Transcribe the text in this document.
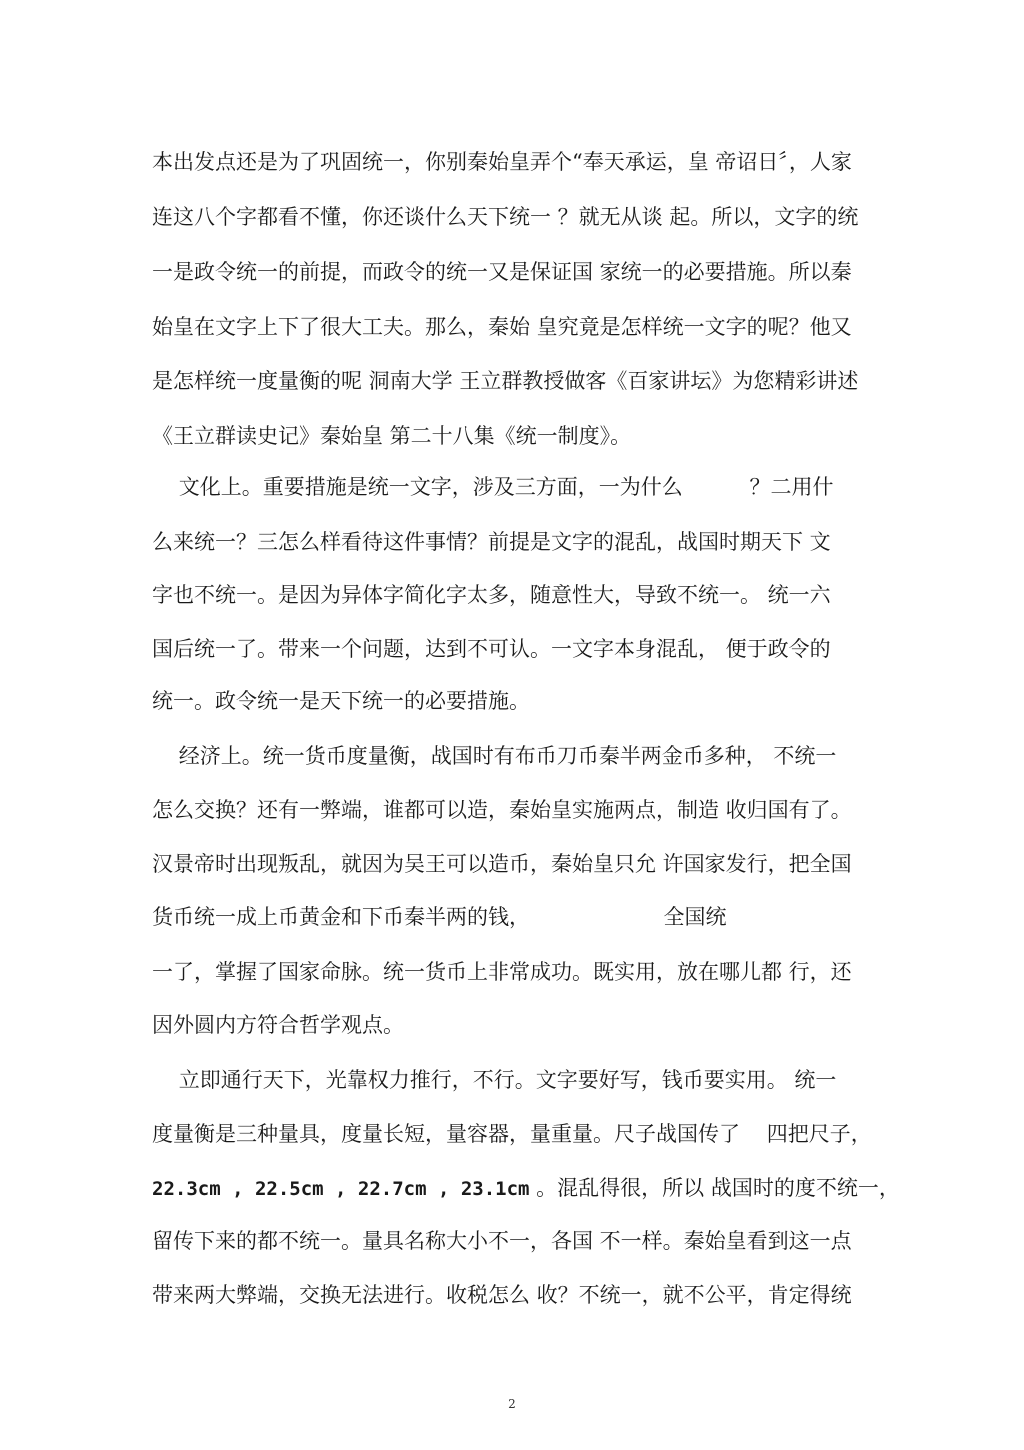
本出发点还是为了巩固统一，你别秦始皇弄个“奉天承运，皇 帝诏日〞，人家
连这八个字都看不懂，你还谈什么天下统一 ？就无从谈 起。所以，文字的统
一是政令统一的前提，而政令的统一又是保证国 家统一的必要措施。所以秦
始皇在文字上下了很大工夫。那么，秦始 皇究竟是怎样统一文字的呢？他又
是怎样统一度量衡的呢 洞南大学 王立群教授做客《百家讲坛》为您精彩讲述
《王立群读史记》秦始皇 第二十八集《统一制度》。
文化上。重要措施是统一文字，涉及三方面，一为什么          ？二用什
么来统一？三怎么样看待这件事情？前提是文字的混乱，战国时期天下 文
字也不统一。是因为异体字简化字太多，随意性大，导致不统一。 统一六
国后统一了。带来一个问题，达到不可认。一文字本身混乱， 便于政令的
统一。政令统一是天下统一的必要措施。
经济上。统一货币度量衡，战国时有布币刀币秦半两金币多种， 不统一
怎么交换？还有一弊端，谁都可以造，秦始皇实施两点，制造 收归国有了。
汉景帝时出现叛乱，就因为吴王可以造币，秦始皇只允 许国家发行，把全国
货币统一成上币黄金和下币秦半两的钱，                    全国统
一了，掌握了国家命脉。统一货币上非常成功。既实用，放在哪儿都 行，还
因外圆内方符合哲学观点。
立即通行天下，光靠权力推行，不行。文字要好写，钱币要实用。 统一
度量衡是三种量具，度量长短，量容器，量重量。尺子战国传了    四把尺子，
22.3cm , 22.5cm , 22.7cm , 23.1cm 。混乱得很，所以 战国时的度不统一，
留传下来的都不统一。量具名称大小不一，各国 不一样。秦始皇看到这一点
带来两大弊端，交换无法进行。收税怎么 收？不统一，就不公平，肯定得统
2
